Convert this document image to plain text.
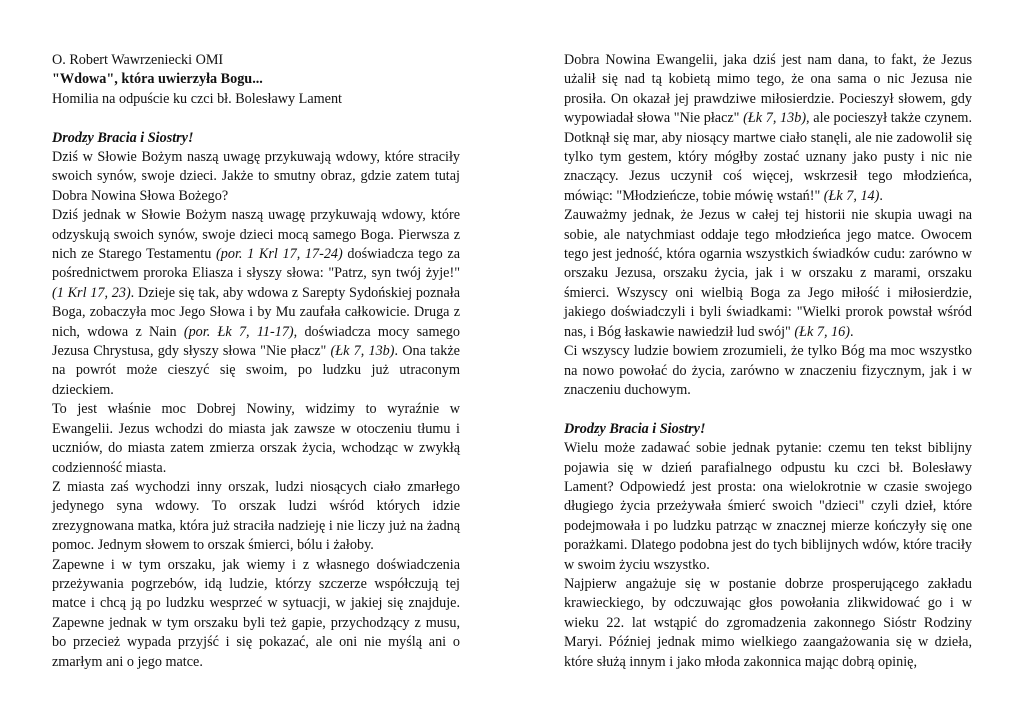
O. Robert Wawrzeniecki OMI

"Wdowa", która uwierzyła Bogu...

Homilia na odpuście ku czci bł. Bolesławy Lament

Drodzy Bracia i Siostry!

Dziś w Słowie Bożym naszą uwagę przykuwają wdowy, które straciły swoich synów, swoje dzieci. Jakże to smutny obraz, gdzie zatem tutaj Dobra Nowina Słowa Bożego?

Dziś jednak w Słowie Bożym naszą uwagę przykuwają wdowy, które odzyskują swoich synów, swoje dzieci mocą samego Boga. Pierwsza z nich ze Starego Testamentu (por. 1 Krl 17, 17-24) doświadcza tego za pośrednictwem proroka Eliasza i słyszy słowa: "Patrz, syn twój żyje!" (1 Krl 17, 23). Dzieje się tak, aby wdowa z Sarepty Sydońskiej poznała Boga, zobaczyła moc Jego Słowa i by Mu zaufała całkowicie. Druga z nich, wdowa z Nain (por. Łk 7, 11-17), doświadcza mocy samego Jezusa Chrystusa, gdy słyszy słowa "Nie płacz" (Łk 7, 13b). Ona także na powrót może cieszyć się swoim, po ludzku już utraconym dzieckiem.

To jest właśnie moc Dobrej Nowiny, widzimy to wyraźnie w Ewangelii. Jezus wchodzi do miasta jak zawsze w otoczeniu tłumu i uczniów, do miasta zatem zmierza orszak życia, wchodząc w zwykłą codzienność miasta.

Z miasta zaś wychodzi inny orszak, ludzi niosących ciało zmarłego jedynego syna wdowy. To orszak ludzi wśród których idzie zrezygnowana matka, która już straciła nadzieję i nie liczy już na żadną pomoc. Jednym słowem to orszak śmierci, bólu i żałoby.

Zapewne i w tym orszaku, jak wiemy i z własnego doświadczenia przeżywania pogrzebów, idą ludzie, którzy szczerze współczują tej matce i chcą ją po ludzku wesprzeć w sytuacji, w jakiej się znajduje. Zapewne jednak w tym orszaku byli też gapie, przychodzący z musu, bo przecież wypada przyjść i się pokazać, ale oni nie myślą ani o zmarłym ani o jego matce.

Dobra Nowina Ewangelii, jaka dziś jest nam dana, to fakt, że Jezus użalił się nad tą kobietą mimo tego, że ona sama o nic Jezusa nie prosiła. On okazał jej prawdziwe miłosierdzie. Pocieszył słowem, gdy wypowiadał słowa "Nie płacz" (Łk 7, 13b), ale pocieszył także czynem. Dotknął się mar, aby niosący martwe ciało stanęli, ale nie zadowolił się tylko tym gestem, który mógłby zostać uznany jako pusty i nic nie znaczący. Jezus uczynił coś więcej, wskrzesił tego młodzieńca, mówiąc: "Młodzieńcze, tobie mówię wstań!" (Łk 7, 14).

Zauważmy jednak, że Jezus w całej tej historii nie skupia uwagi na sobie, ale natychmiast oddaje tego młodzieńca jego matce. Owocem tego jest jedność, która ogarnia wszystkich świadków cudu: zarówno w orszaku Jezusa, orszaku życia, jak i w orszaku z marami, orszaku śmierci. Wszyscy oni wielbią Boga za Jego miłość i miłosierdzie, jakiego doświadczyli i byli świadkami: "Wielki prorok powstał wśród nas, i Bóg łaskawie nawiedził lud swój" (Łk 7, 16).

Ci wszyscy ludzie bowiem zrozumieli, że tylko Bóg ma moc wszystko na nowo powołać do życia, zarówno w znaczeniu fizycznym, jak i w znaczeniu duchowym.

Drodzy Bracia i Siostry!

Wielu może zadawać sobie jednak pytanie: czemu ten tekst biblijny pojawia się w dzień parafialnego odpustu ku czci bł. Bolesławy Lament? Odpowiedź jest prosta: ona wielokrotnie w czasie swojego długiego życia przeżywała śmierć swoich "dzieci" czyli dzieł, które podejmowała i po ludzku patrząc w znacznej mierze kończyły się one porażkami. Dlatego podobna jest do tych biblijnych wdów, które traciły w swoim życiu wszystko.

Najpierw angażuje się w postanie dobrze prosperującego zakładu krawieckiego, by odczuwając głos powołania zlikwidować go i w wieku 22. lat wstąpić do zgromadzenia zakonnego Sióstr Rodziny Maryi. Później jednak mimo wielkiego zaangażowania się w dzieła, które służą innym i jako młoda zakonnica mając dobrą opinię,
